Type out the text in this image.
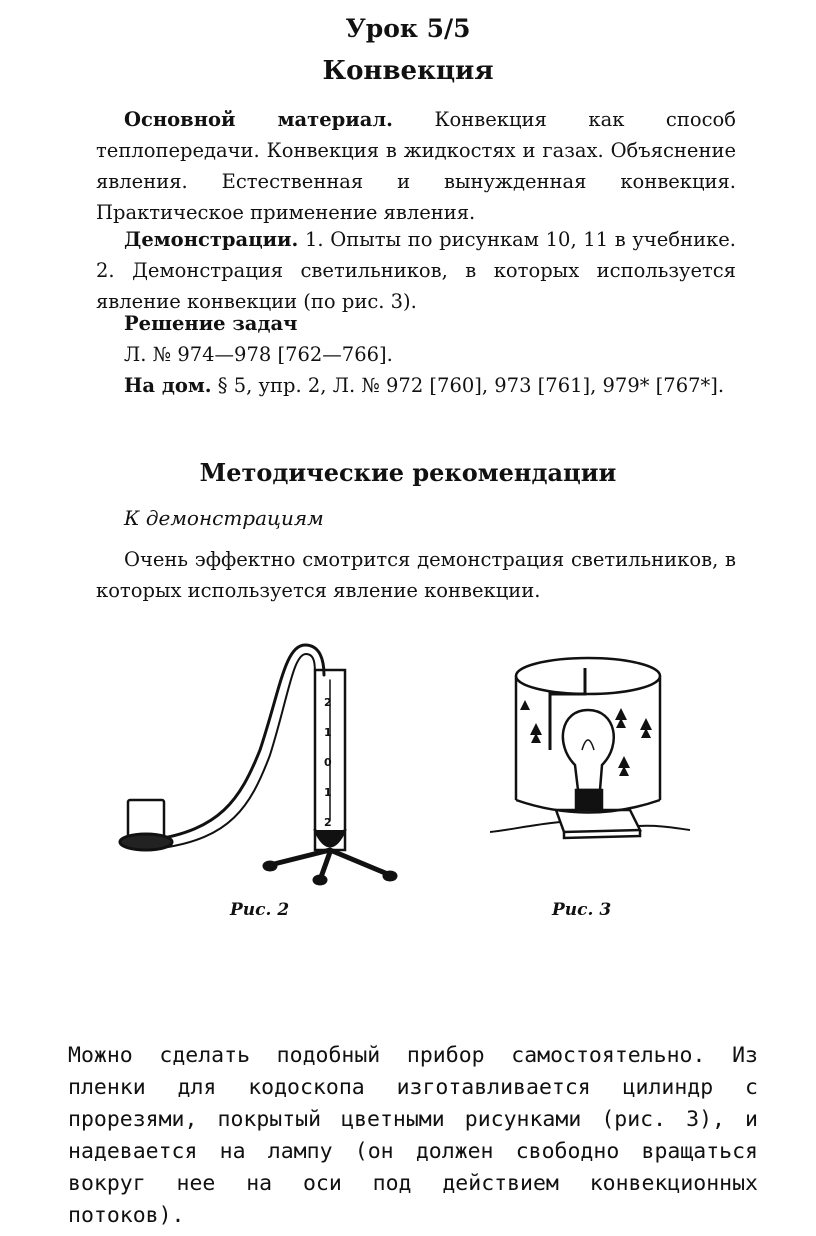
Урок 5/5
Конвекция

Основной материал. Конвекция как способ теплопередачи. Конвекция в жидкостях и газах. Объяснение явления. Естественная и вынужденная конвекция. Практическое применение явления.

Демонстрации. 1. Опыты по рисункам 10, 11 в учебнике. 2. Демонстрация светильников, в которых используется явление конвекции (по рис. 3).

Решение задач

Л. № 974—978 [762—766].

На дом. § 5, упр. 2, Л. № 972 [760], 973 [761], 979* [767*].

Методические рекомендации
К демонстрациям

Очень эффектно смотрится демонстрация светильников, в которых используется явление конвекции.

2
1
0
1
2
Рис. 2	Рис. 3

Можно сделать подобный прибор самостоятельно. Из пленки для кодоскопа изготавливается цилиндр с прорезями, покрытый цветными рисунками (рис. 3), и надевается на лампу (он должен свободно вращаться вокруг нее на оси под действием конвекционных потоков).
